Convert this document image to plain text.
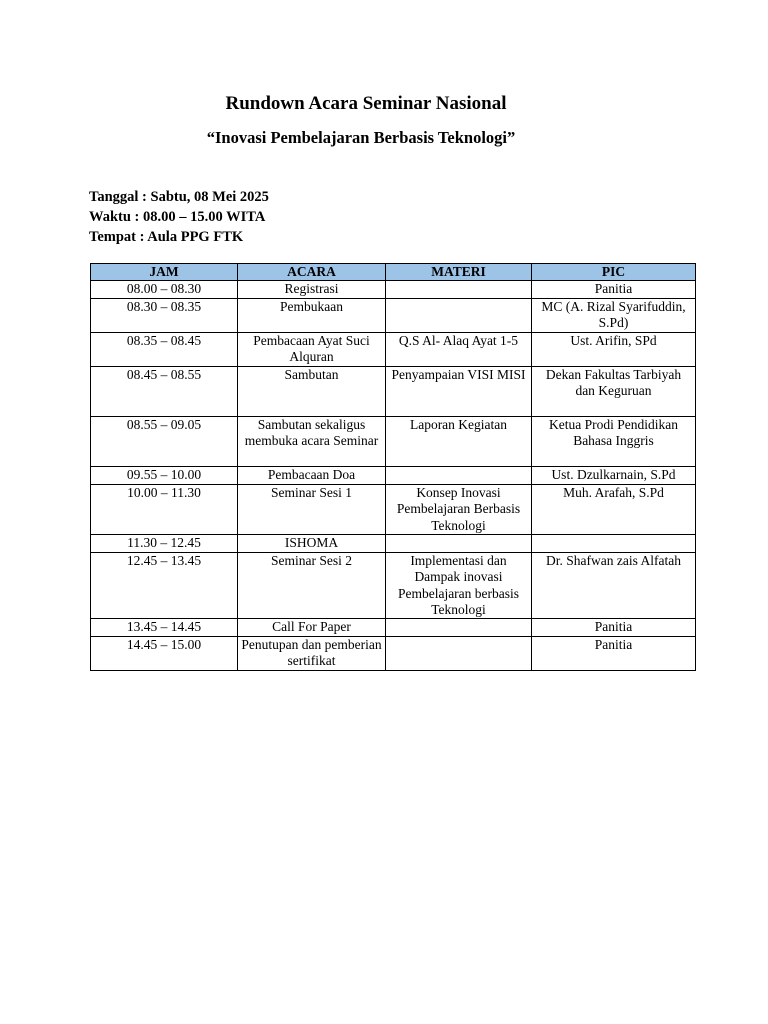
Rundown Acara Seminar Nasional
“Inovasi Pembelajaran Berbasis Teknologi”
Tanggal : Sabtu, 08 Mei 2025
Waktu : 08.00 – 15.00 WITA
Tempat : Aula PPG FTK
JAM	ACARA	MATERI	PIC
08.00 – 08.30	Registrasi		Panitia
08.30 – 08.35	Pembukaan		MC (A. Rizal Syarifuddin, S.Pd)
08.35 – 08.45	Pembacaan Ayat Suci Alquran	Q.S Al- Alaq Ayat 1-5	Ust. Arifin, SPd
08.45 – 08.55	Sambutan	Penyampaian VISI MISI	Dekan Fakultas Tarbiyah dan Keguruan
08.55 – 09.05	Sambutan sekaligus membuka acara Seminar	Laporan Kegiatan	Ketua Prodi Pendidikan Bahasa Inggris
09.55 – 10.00	Pembacaan Doa		Ust. Dzulkarnain, S.Pd
10.00 – 11.30	Seminar Sesi 1	Konsep Inovasi Pembelajaran Berbasis Teknologi	Muh. Arafah, S.Pd
11.30 – 12.45	ISHOMA		
12.45 – 13.45	Seminar Sesi 2	Implementasi dan Dampak inovasi Pembelajaran berbasis Teknologi	Dr. Shafwan zais Alfatah
13.45 – 14.45	Call For Paper		Panitia
14.45 – 15.00	Penutupan dan pemberian sertifikat		Panitia
